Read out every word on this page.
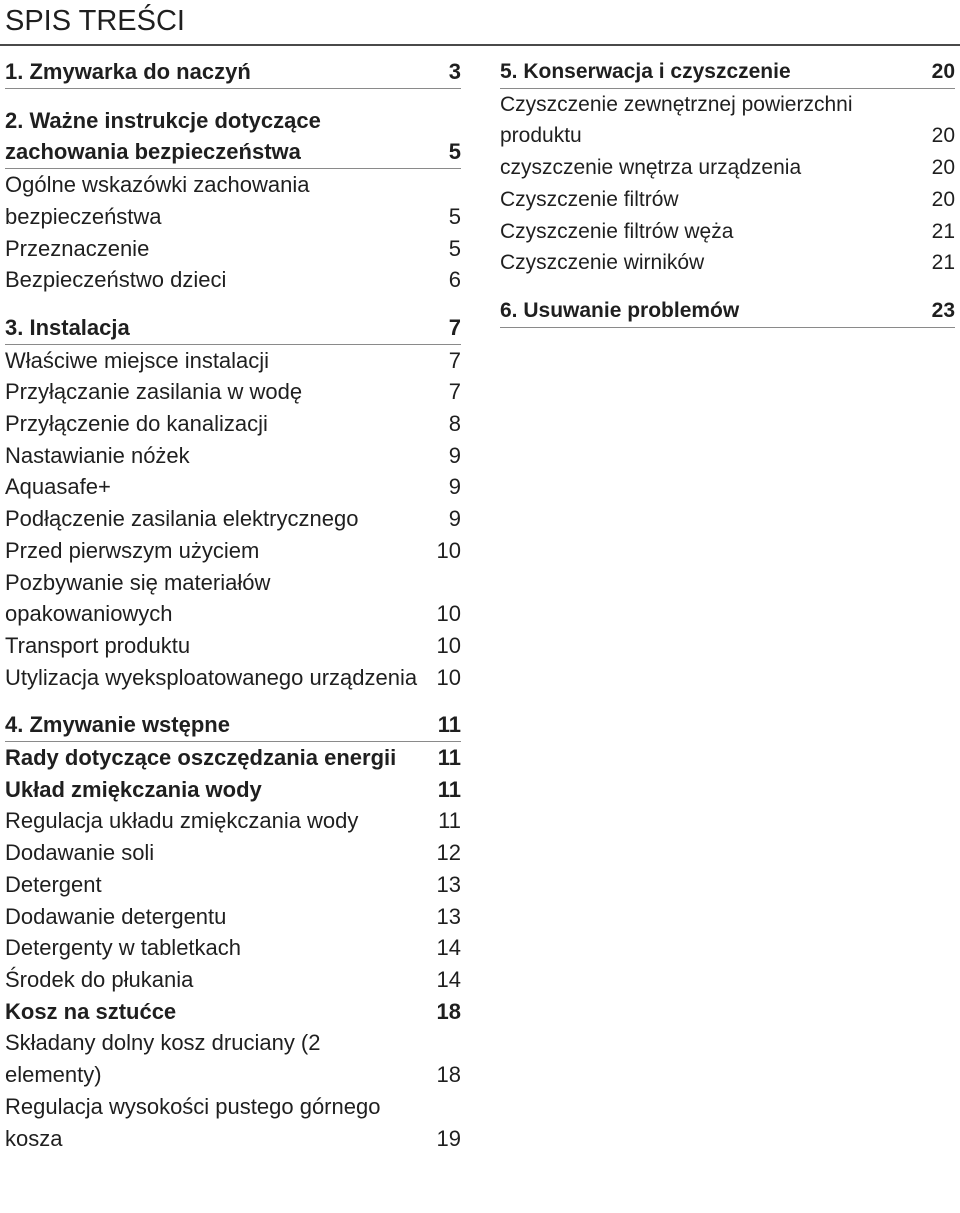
SPIS TREŚCI
1. Zmywarka do naczyń	3
2. Ważne instrukcje dotyczące zachowania bezpieczeństwa	5
Ogólne wskazówki zachowania bezpieczeństwa	5
Przeznaczenie	5
Bezpieczeństwo dzieci	6
3. Instalacja	7
Właściwe miejsce instalacji	7
Przyłączanie zasilania w wodę	7
Przyłączenie do kanalizacji	8
Nastawianie nóżek	9
Aquasafe+	9
Podłączenie zasilania elektrycznego	9
Przed pierwszym użyciem	10
Pozbywanie się materiałów opakowaniowych	10
Transport produktu	10
Utylizacja wyeksploatowanego urządzenia 10
4. Zmywanie wstępne	11
Rady dotyczące oszczędzania energii	11
Układ zmiękczania wody	11
Regulacja układu zmiękczania wody	11
Dodawanie soli	12
Detergent	13
Dodawanie detergentu	13
Detergenty w tabletkach	14
Środek do płukania	14
Kosz na sztućce	18
Składany dolny kosz druciany (2 elementy)	18
Regulacja wysokości pustego górnego kosza	19
5. Konserwacja i czyszczenie	20
Czyszczenie zewnętrznej powierzchni produktu	20
czyszczenie wnętrza urządzenia	20
Czyszczenie filtrów	20
Czyszczenie filtrów węża	21
Czyszczenie wirników	21
6. Usuwanie problemów	23
